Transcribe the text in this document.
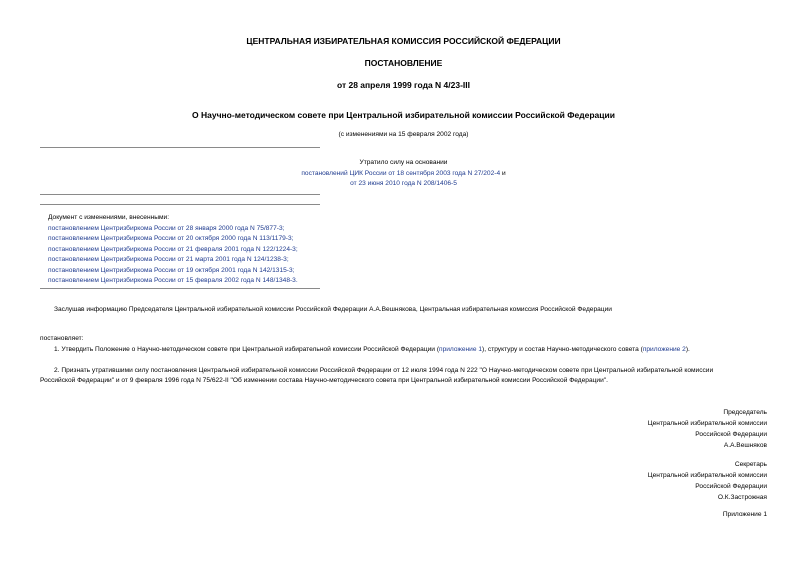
ЦЕНТРАЛЬНАЯ ИЗБИРАТЕЛЬНАЯ КОМИССИЯ РОССИЙСКОЙ ФЕДЕРАЦИИ
ПОСТАНОВЛЕНИЕ
от 28 апреля 1999 года N 4/23-III
О Научно-методическом совете при Центральной избирательной комиссии Российской Федерации
(с изменениями на 15 февраля 2002 года)
Утратило силу на основании
постановлений ЦИК России от 18 сентября 2003 года N 27/202-4 и
от 23 июня 2010 года N 208/1406-5
Документ с изменениями, внесенными:
постановлением Центризбиркома России от 28 января 2000 года N 75/877-3;
постановлением Центризбиркома России от 20 октября 2000 года N 113/1179-3;
постановлением Центризбиркома России от 21 февраля 2001 года N 122/1224-3;
постановлением Центризбиркома России от 21 марта 2001 года N 124/1238-3;
постановлением Центризбиркома России от 19 октября 2001 года N 142/1315-3;
постановлением Центризбиркома России от 15 февраля 2002 года N 148/1348-3.
Заслушав информацию Председателя Центральной избирательной комиссии Российской Федерации А.А.Вешнякова, Центральная избирательная комиссия Российской Федерации
постановляет:
1. Утвердить Положение о Научно-методическом совете при Центральной избирательной комиссии Российской Федерации (приложение 1), структуру и состав Научно-методического совета (приложение 2).
2. Признать утратившими силу постановления Центральной избирательной комиссии Российской Федерации от 12 июля 1994 года N 222 "О Научно-методическом совете при Центральной избирательной комиссии
Российской Федерации" и от 9 февраля 1996 года N 75/622-II "Об изменении состава Научно-методического совета при Центральной избирательной комиссии Российской Федерации".
Председатель
Центральной избирательной комиссии
Российской Федерации
А.А.Вешняков
Секретарь
Центральной избирательной комиссии
Российской Федерации
О.К.Застрожная
Приложение 1
